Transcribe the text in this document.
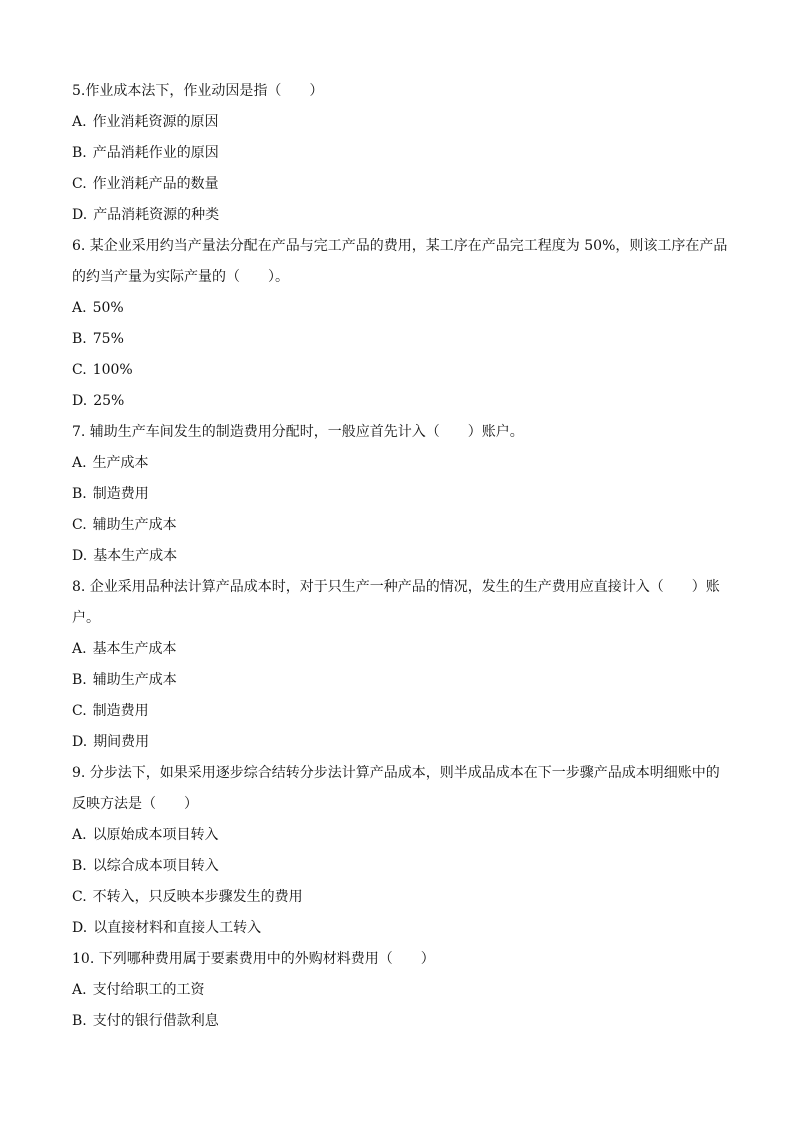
5.作业成本法下，作业动因是指（　　）
A. 作业消耗资源的原因
B. 产品消耗作业的原因
C. 作业消耗产品的数量
D. 产品消耗资源的种类
6. 某企业采用约当产量法分配在产品与完工产品的费用，某工序在产品完工程度为 50%，则该工序在产品
的约当产量为实际产量的（　　）。
A. 50%
B. 75%
C. 100%
D. 25%
7. 辅助生产车间发生的制造费用分配时，一般应首先计入（　　）账户。
A. 生产成本
B. 制造费用
C. 辅助生产成本
D. 基本生产成本
8. 企业采用品种法计算产品成本时，对于只生产一种产品的情况，发生的生产费用应直接计入（　　）账
户。
A. 基本生产成本
B. 辅助生产成本
C. 制造费用
D. 期间费用
9. 分步法下，如果采用逐步综合结转分步法计算产品成本，则半成品成本在下一步骤产品成本明细账中的
反映方法是（　　）
A. 以原始成本项目转入
B. 以综合成本项目转入
C. 不转入，只反映本步骤发生的费用
D. 以直接材料和直接人工转入
10. 下列哪种费用属于要素费用中的外购材料费用（　　）
A. 支付给职工的工资
B. 支付的银行借款利息
